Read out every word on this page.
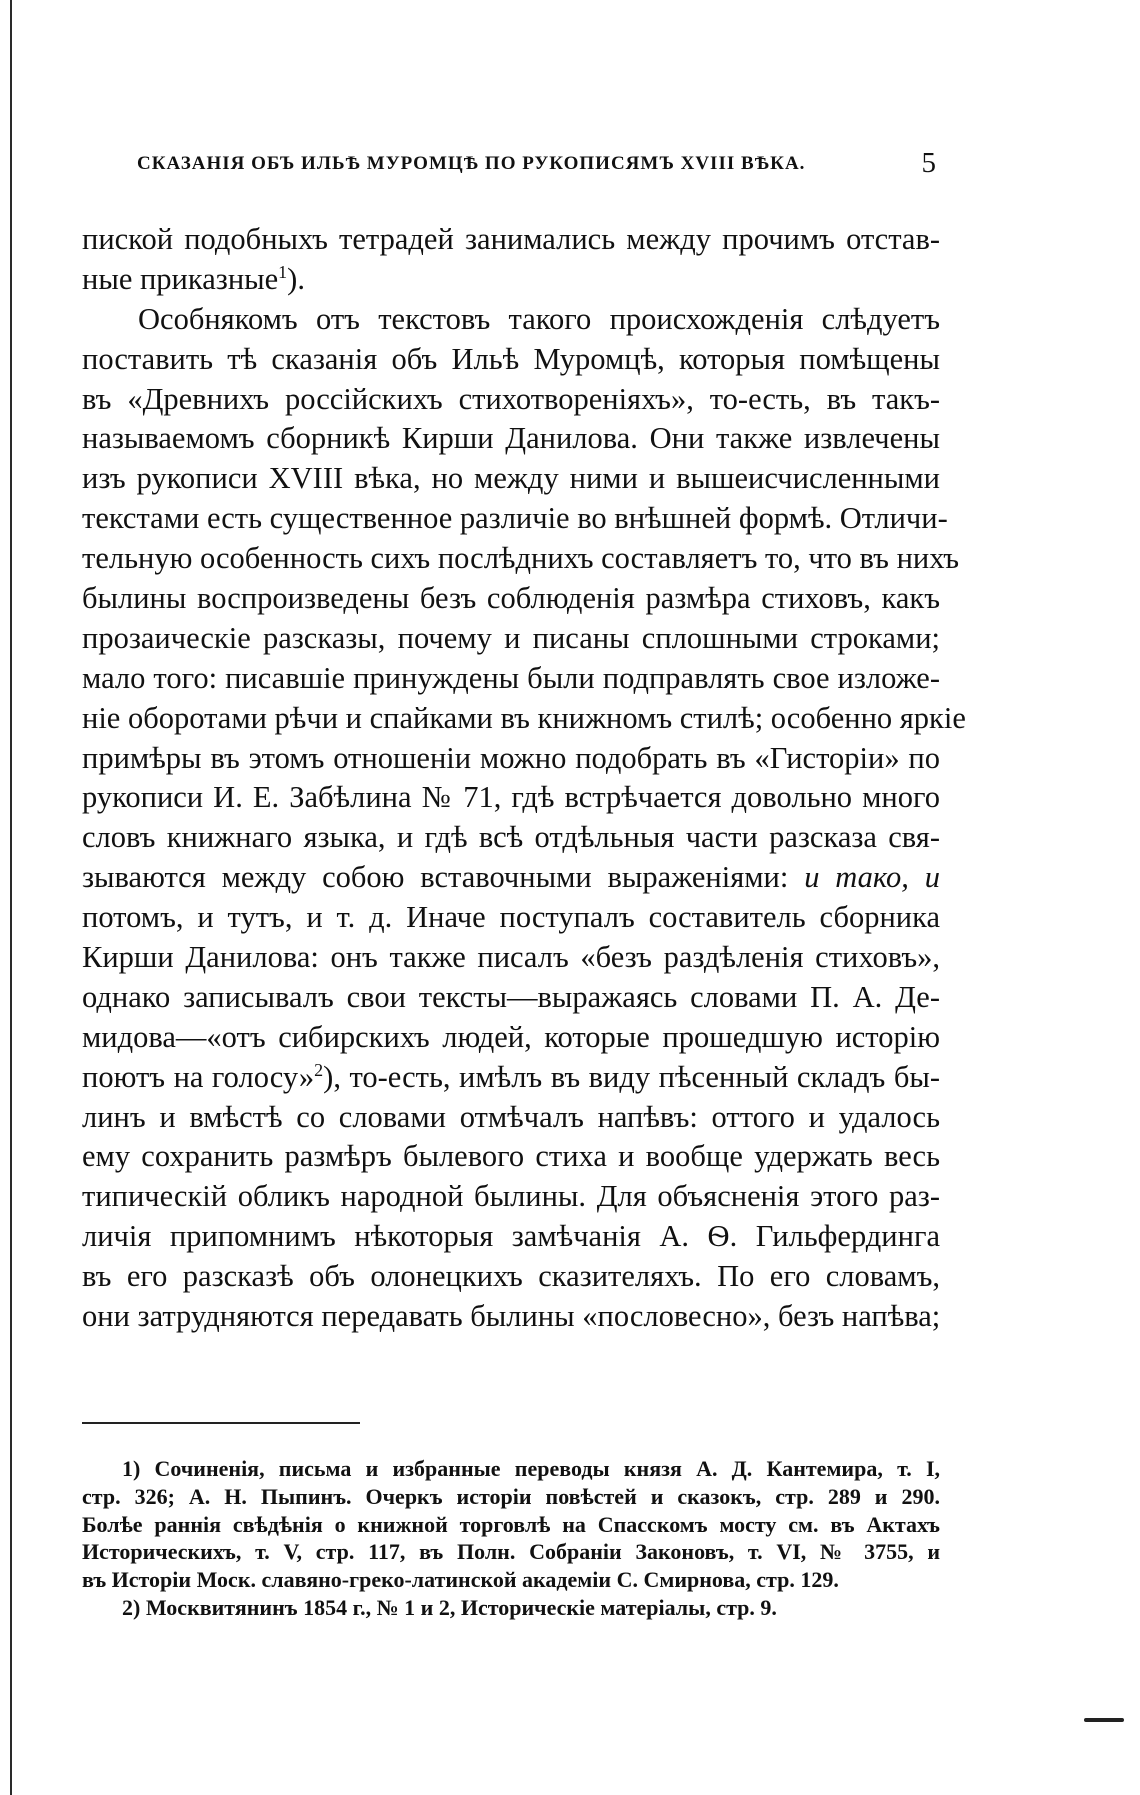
СКАЗАНІЯ ОБЪ ИЛЬѢ МУРОМЦѢ ПО РУКОПИСЯМЪ XVIII ВѢКА.	5
пиской подобныхъ тетрадей занимались между прочимъ отстав-
ные приказные$^1$).
Особнякомъ отъ текстовъ такого происхожденія слѣдуетъ
поставить тѣ сказанія объ Ильѣ Муромцѣ, которыя помѣщены
въ «Древнихъ россійскихъ стихотвореніяхъ», то-есть, въ такъ-
называемомъ сборникѣ Кирши Данилова. Они также извлечены
изъ рукописи XVIII вѣка, но между ними и вышеисчисленными
текстами есть существенное различіе во внѣшней формѣ. Отличи-
тельную особенность сихъ послѣднихъ составляетъ то, что въ нихъ
былины воспроизведены безъ соблюденія размѣра стиховъ, какъ
прозаическіе разсказы, почему и писаны сплошными строками;
мало того: писавшіе принуждены были подправлять свое изложе-
ніе оборотами рѣчи и спайками въ книжномъ стилѣ; особенно яркіе
примѣры въ этомъ отношеніи можно подобрать въ «Гисторіи» по
рукописи И. Е. Забѣлина № 71, гдѣ встрѣчается довольно много
словъ книжнаго языка, и гдѣ всѣ отдѣльныя части разсказа свя-
зываются между собою вставочными выраженіями: и тако, и
потомъ, и тутъ, и т. д. Иначе поступалъ составитель сборника
Кирши Данилова: онъ также писалъ «безъ раздѣленія стиховъ»,
однако записывалъ свои тексты—выражаясь словами П. А. Де-
мидова—«отъ сибирскихъ людей, которые прошедшую исторію
поютъ на голосу»$^2$), то-есть, имѣлъ въ виду пѣсенный складъ бы-
линъ и вмѣстѣ со словами отмѣчалъ напѣвъ: оттого и удалось
ему сохранить размѣръ былевого стиха и вообще удержать весь
типическій обликъ народной былины. Для объясненія этого раз-
личія припомнимъ нѣкоторыя замѣчанія А. Ѳ. Гильфердинга
въ его разсказѣ объ олонецкихъ сказителяхъ. По его словамъ,
они затрудняются передавать былины «пословесно», безъ напѣва;
1) Сочиненія, письма и избранные переводы князя А. Д. Кантемира, т. I,
стр. 326; А. Н. Пыпинъ. Очеркъ исторіи повѣстей и сказокъ, стр. 289 и 290.
Болѣе раннія свѣдѣнія о книжной торговлѣ на Спасскомъ мосту см. въ Актахъ
Историческихъ, т. V, стр. 117, въ Полн. Собраніи Законовъ, т. VI, № 3755, и
въ Исторіи Моск. славяно-греко-латинской академіи С. Смирнова, стр. 129.
2) Москвитянинъ 1854 г., № 1 и 2, Историческіе матеріалы, стр. 9.
